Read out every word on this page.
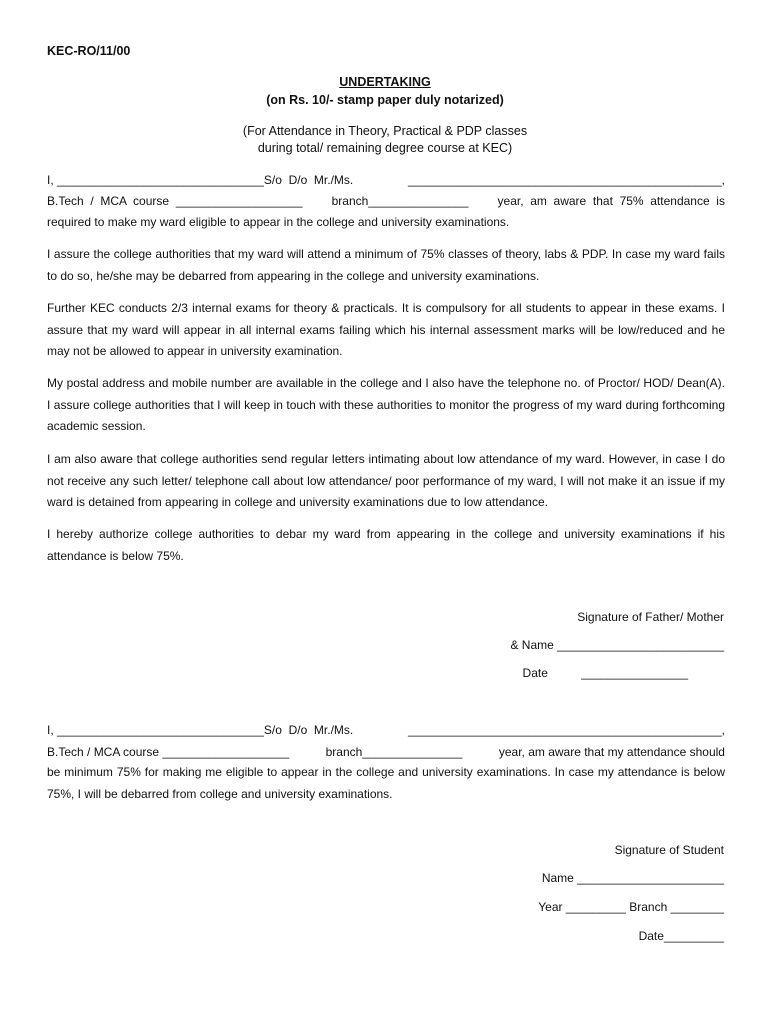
KEC-RO/11/00
UNDERTAKING
(on Rs. 10/- stamp paper duly notarized)
(For Attendance in Theory, Practical & PDP classes
during total/ remaining degree course at KEC)
I, _______________________________S/o  D/o  Mr./Ms.	_______________________________________________,
B.Tech  /  MCA  course  ___________________ branch_______________ year,  am  aware  that  75%  attendance  is
required to make my ward eligible to appear in the college and university examinations.

I assure the college authorities that my ward will attend a minimum of 75% classes of theory, labs & PDP. In case my ward fails to do so, he/she may be debarred from appearing in the college and university examinations.

Further KEC conducts 2/3 internal exams for theory & practicals. It is compulsory for all students to appear in these exams. I assure that my ward will appear in all internal exams failing which his internal assessment marks will be low/reduced and he may not be allowed to appear in university examination.

My postal address and mobile number are available in the college and I also have the telephone no. of Proctor/ HOD/ Dean(A). I assure college authorities that I will keep in touch with these authorities to monitor the progress of my ward during forthcoming academic session.

I am also aware that college authorities send regular letters intimating about low attendance of my ward. However, in case I do not receive any such letter/ telephone call about low attendance/ poor performance of my ward, I will not make it an issue if my ward is detained from appearing in college and university examinations due to low attendance.

I hereby authorize college authorities to debar my ward from appearing in the college and university examinations if his attendance is below 75%.

Signature of Father/ Mother
& Name _________________________
Date          ________________
I, _______________________________S/o  D/o  Mr./Ms.	_______________________________________________,
B.Tech / MCA course ___________________	branch_______________	year, am aware that my attendance should

be minimum 75% for making me eligible to appear in the college and university examinations. In case my attendance is below 75%, I will be debarred from college and university examinations.

Signature of Student
Name ______________________
Year _________ Branch ________
Date_________
